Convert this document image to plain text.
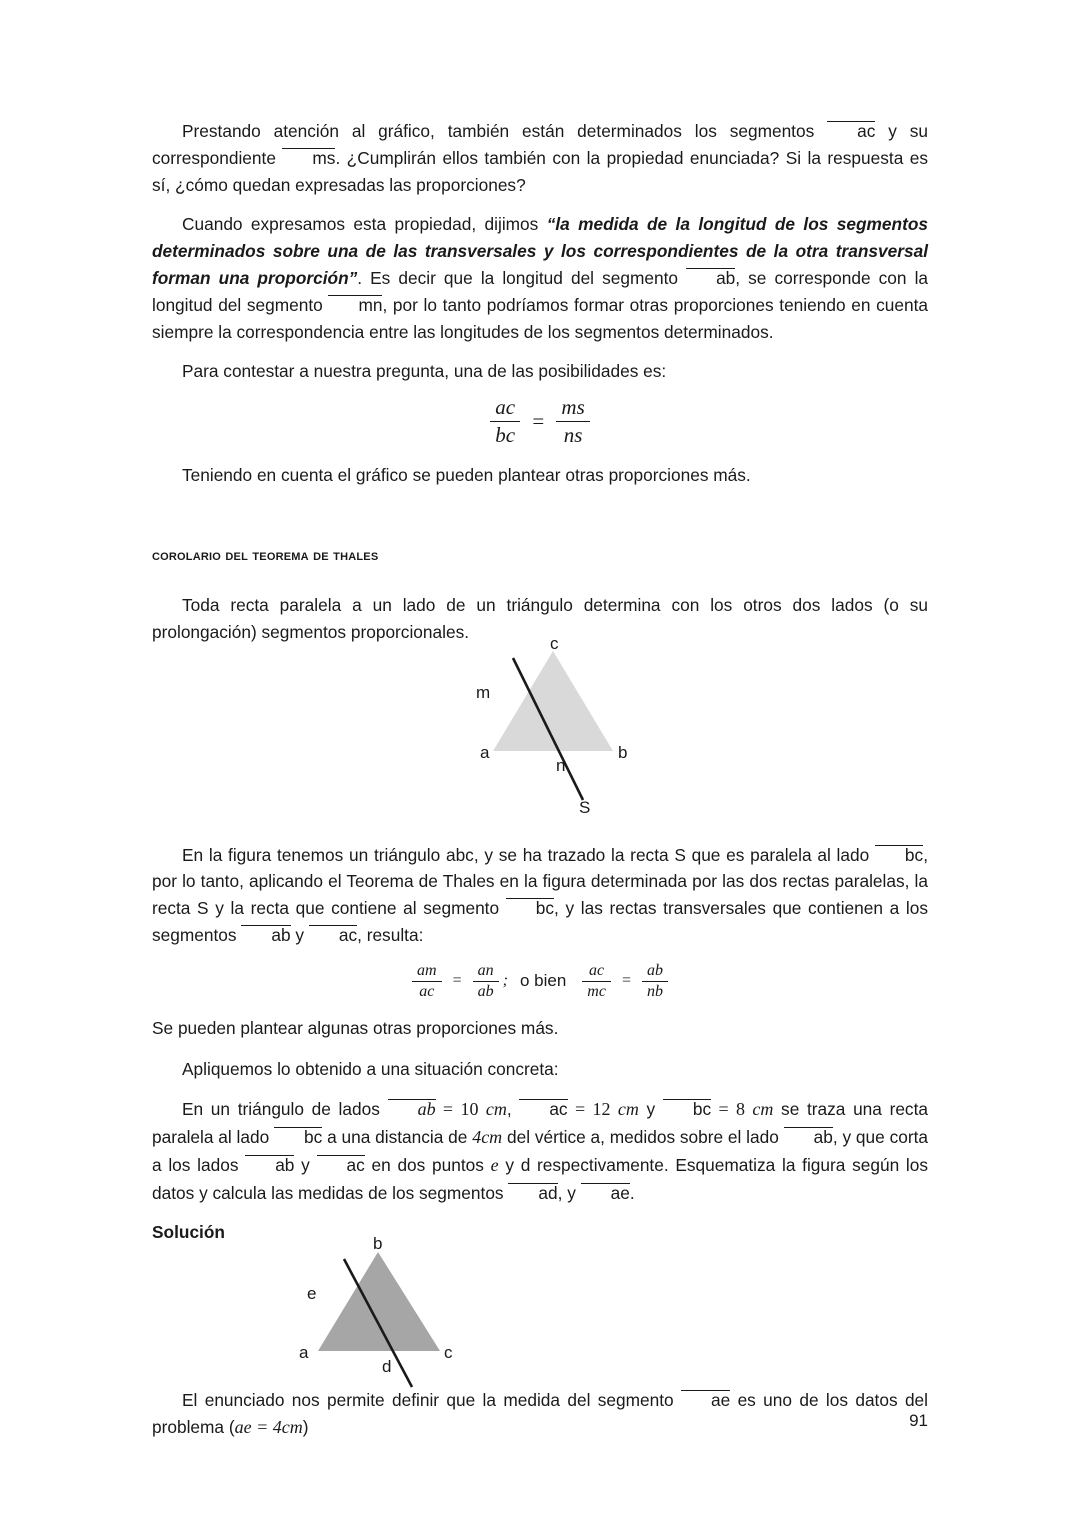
Prestando atención al gráfico, también están determinados los segmentos ac y su correspondiente ms. ¿Cumplirán ellos también con la propiedad enunciada? Si la respuesta es sí, ¿cómo quedan expresadas las proporciones?

Cuando expresamos esta propiedad, dijimos “la medida de la longitud de los segmentos determinados sobre una de las transversales y los correspondientes de la otra transversal forman una proporción”. Es decir que la longitud del segmento ab, se corresponde con la longitud del segmento mn, por lo tanto podríamos formar otras proporciones teniendo en cuenta siempre la correspondencia entre las longitudes de los segmentos determinados.

Para contestar a nuestra pregunta, una de las posibilidades es:

$\frac{ac}{bc} = \frac{ms}{ns}$

Teniendo en cuenta el gráfico se pueden plantear otras proporciones más.

corolario del teorema de thales

Toda recta paralela a un lado de un triángulo determina con los otros dos lados (o su prolongación) segmentos proporcionales.

c
m
a	b
n
S

En la figura tenemos un triángulo abc, y se ha trazado la recta S que es paralela al lado bc, por lo tanto, aplicando el Teorema de Thales en la figura determinada por las dos rectas paralelas, la recta S y la recta que contiene al segmento bc, y las rectas transversales que contienen a los segmentos ab y ac, resulta:

$\frac{am}{ac} = \frac{an}{ab}$ ; o bien $\frac{ac}{mc} = \frac{ab}{nb}$

Se pueden plantear algunas otras proporciones más.

Apliquemos lo obtenido a una situación concreta:

En un triángulo de lados ab = 10 cm, ac = 12 cm y bc = 8 cm se traza una recta paralela al lado bc a una distancia de 4cm del vértice a, medidos sobre el lado ab, y que corta a los lados ab y ac en dos puntos e y d respectivamente. Esquematiza la figura según los datos y calcula las medidas de los segmentos ad, y ae.

Solución

b
e
a	c
d

El enunciado nos permite definir que la medida del segmento ae es uno de los datos del problema (ae = 4cm)	91
